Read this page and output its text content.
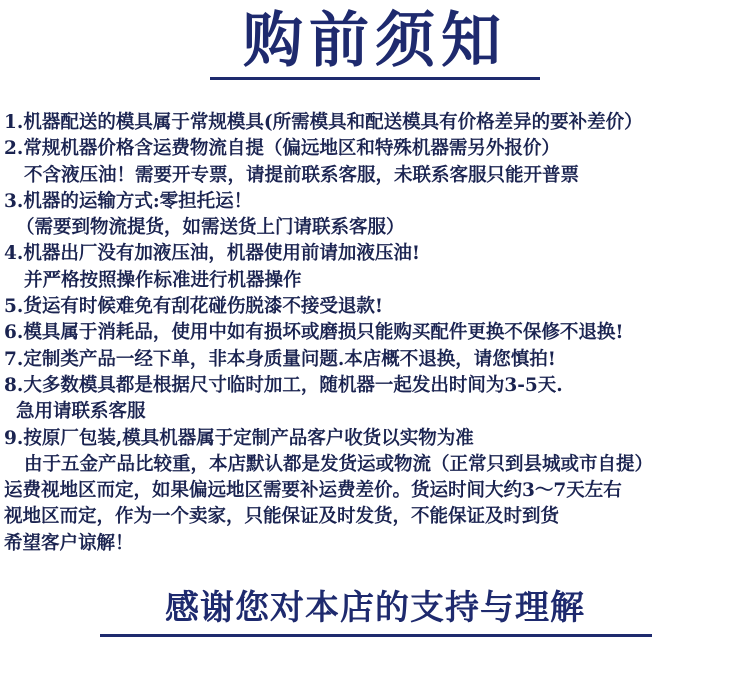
购前须知
1.机器配送的模具属于常规模具(所需模具和配送模具有价格差异的要补差价）
2.常规机器价格含运费物流自提（偏远地区和特殊机器需另外报价）
不含液压油！需要开专票，请提前联系客服，未联系客服只能开普票
3.机器的运输方式:零担托运！
（需要到物流提货，如需送货上门请联系客服）
4.机器出厂没有加液压油，机器使用前请加液压油!
并严格按照操作标准进行机器操作
5.货运有时候难免有刮花碰伤脱漆不接受退款!
6.模具属于消耗品，使用中如有损坏或磨损只能购买配件更换不保修不退换!
7.定制类产品一经下单，非本身质量问题.本店概不退换，请您慎拍!
8.大多数模具都是根据尺寸临时加工，随机器一起发出时间为3-5天.
急用请联系客服
9.按原厂包装,模具机器属于定制产品客户收货以实物为准
由于五金产品比较重，本店默认都是发货运或物流（正常只到县城或市自提）
运费视地区而定，如果偏远地区需要补运费差价。货运时间大约3～7天左右
视地区而定，作为一个卖家，只能保证及时发货，不能保证及时到货
希望客户谅解！
感谢您对本店的支持与理解
